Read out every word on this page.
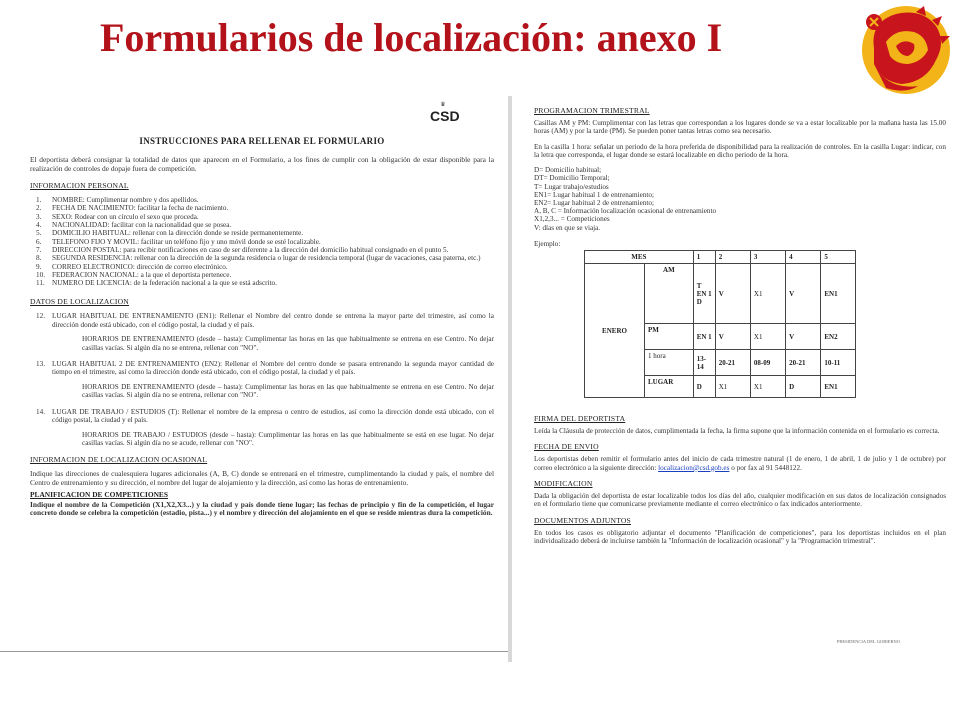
Formularios de localización: anexo I
♛
CSD
INSTRUCCIONES PARA RELLENAR EL FORMULARIO
El deportista deberá consignar la totalidad de datos que aparecen en el Formulario, a los fines de cumplir con la obligación de estar disponible para la realización de controles de dopaje fuera de competición.
INFORMACION PERSONAL
1.	NOMBRE: Cumplimentar nombre y dos apellidos.
2.	FECHA DE NACIMIENTO: facilitar la fecha de nacimiento.
3.	SEXO: Rodear con un círculo el sexo que proceda.
4.	NACIONALIDAD: facilitar con la nacionalidad que se posea.
5.	DOMICILIO HABITUAL: rellenar con la dirección donde se reside permanentemente.
6.	TELEFONO FIJO Y MOVIL: facilitar un teléfono fijo y uno móvil donde se esté localizable.
7.	DIRECCION POSTAL: para recibir notificaciones en caso de ser diferente a la dirección del domicilio habitual consignado en el punto 5.
8.	SEGUNDA RESIDENCIA: rellenar con la dirección de la segunda residencia o lugar de residencia temporal (lugar de vacaciones, casa paterna, etc.)
9.	CORREO ELECTRONICO: dirección de correo electrónico.
10. FEDERACION NACIONAL: a la que el deportista pertenece.
11.	NUMERO DE LICENCIA: de la federación nacional a la que se está adscrito.
DATOS DE LOCALIZACION
12. LUGAR HABITUAL DE ENTRENAMIENTO (EN1): Rellenar el Nombre del centro donde se entrena la mayor parte del trimestre, así como la dirección donde está ubicado, con el código postal, la ciudad y el país.
HORARIOS DE ENTRENAMIENTO (desde – hasta): Cumplimentar las horas en las que habitualmente se entrena en ese Centro. No dejar casillas vacías. Si algún día no se entrena, rellenar con "NO".
13. LUGAR HABITUAL 2 DE ENTRENAMIENTO (EN2): Rellenar el Nombre del centro donde se pasara entrenando la segunda mayor cantidad de tiempo en el trimestre, así como la dirección donde está ubicado, con el código postal, la ciudad y el país.
HORARIOS DE ENTRENAMIENTO (desde – hasta): Cumplimentar las horas en las que habitualmente se entrena en ese Centro. No dejar casillas vacías. Si algún día no se entrena, rellenar con "NO".
14. LUGAR DE TRABAJO / ESTUDIOS (T): Rellenar el nombre de la empresa o centro de estudios, así como la dirección donde está ubicado, con el código postal, la ciudad y el país.
HORARIOS DE TRABAJO / ESTUDIOS (desde – hasta): Cumplimentar las horas en las que habitualmente se está en ese lugar. No dejar casillas vacías. Si algún día no se acude, rellenar con "NO".
INFORMACION DE LOCALIZACION OCASIONAL
Indique las direcciones de cualesquiera lugares adicionales (A, B, C) donde se entrenará en el trimestre, cumplimentando la ciudad y país, el nombre del Centro de entrenamiento y su dirección, el nombre del lugar de alojamiento y la dirección, así como las horas de entrenamiento.
PLANIFICACION DE COMPETICIONES
Indique el nombre de la Competición (X1,X2,X3...) y la ciudad y país donde tiene lugar; las fechas de principio y fin de la competición, el lugar concreto donde se celebra la competición (estadio, pista...) y el nombre y dirección del alojamiento en el que se reside mientras dura la competición.
PROGRAMACION TRIMESTRAL
Casillas AM y PM: Cumplimentar con las letras que correspondan a los lugares donde se va a estar localizable por la mañana hasta las 15.00 horas (AM) y por la tarde (PM). Se pueden poner tantas letras como sea necesario.
En la casilla 1 hora: señalar un periodo de la hora preferida de disponibilidad para la realización de controles. En la casilla Lugar: indicar, con la letra que corresponda, el lugar donde se estará localizable en dicho periodo de la hora.
D= Domicilio habitual;
DT= Domicilio Temporal;
T= Lugar trabajo/estudios
EN1= Lugar habitual 1 de entrenamiento;
EN2= Lugar habitual 2 de entrenamiento;
A, B, C = Información localización ocasional de entrenamiento
X1,2,3... = Competiciones
V: días en que se viaja.
Ejemplo:
MES		1	2	3	4	5
ENERO	AM	T EN 1 D	V	X1	V	EN1
	PM	EN 1	V	X1	V	EN2
	1 hora	13-14	20-21	08-09	20-21	10-11
	LUGAR	D	X1	X1	D	EN1
FIRMA DEL DEPORTISTA
Leída la Cláusula de protección de datos, cumplimentada la fecha, la firma supone que la información contenida en el formulario es correcta.
FECHA DE ENVIO
Los deportistas deben remitir el formulario antes del inicio de cada trimestre natural (1 de enero, 1 de abril, 1 de julio y 1 de octubre) por correo electrónico a la siguiente dirección: localizacion@csd.gob.es o por fax al 91 5448122.
MODIFICACION
Dada la obligación del deportista de estar localizable todos los días del año, cualquier modificación en sus datos de localización consignados en el formulario tiene que comunicarse previamente mediante el correo electrónico o fax indicados anteriormente.
DOCUMENTOS ADJUNTOS
En todos los casos es obligatorio adjuntar el documento "Planificación de competiciones", para los deportistas incluidos en el plan individualizado deberá de incluirse también la "Información de localización ocasional" y la "Programación trimestral".
PRESIDENCIA DEL GOBIERNO
